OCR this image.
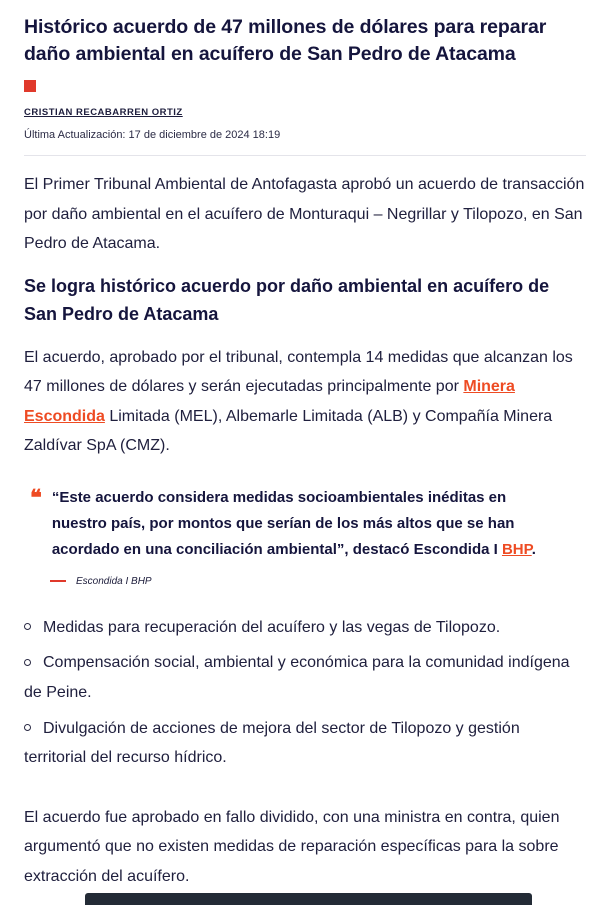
Histórico acuerdo de 47 millones de dólares para reparar daño ambiental en acuífero de San Pedro de Atacama
CRISTIAN RECABARREN ORTIZ
Última Actualización: 17 de diciembre de 2024 18:19

El Primer Tribunal Ambiental de Antofagasta aprobó un acuerdo de transacción por daño ambiental en el acuífero de Monturaqui – Negrillar y Tilopozo, en San Pedro de Atacama.

Se logra histórico acuerdo por daño ambiental en acuífero de San Pedro de Atacama

El acuerdo, aprobado por el tribunal, contempla 14 medidas que alcanzan los 47 millones de dólares y serán ejecutadas principalmente por Minera Escondida Limitada (MEL), Albemarle Limitada (ALB) y Compañía Minera Zaldívar SpA (CMZ).

❝ “Este acuerdo considera medidas socioambientales inéditas en nuestro país, por montos que serían de los más altos que se han acordado en una conciliación ambiental”, destacó Escondida I BHP.
Escondida I BHP
Medidas para recuperación del acuífero y las vegas de Tilopozo.
Compensación social, ambiental y económica para la comunidad indígena de Peine.
Divulgación de acciones de mejora del sector de Tilopozo y gestión territorial del recurso hídrico.

El acuerdo fue aprobado en fallo dividido, con una ministra en contra, quien argumentó que no existen medidas de reparación específicas para la sobre extracción del acuífero.
